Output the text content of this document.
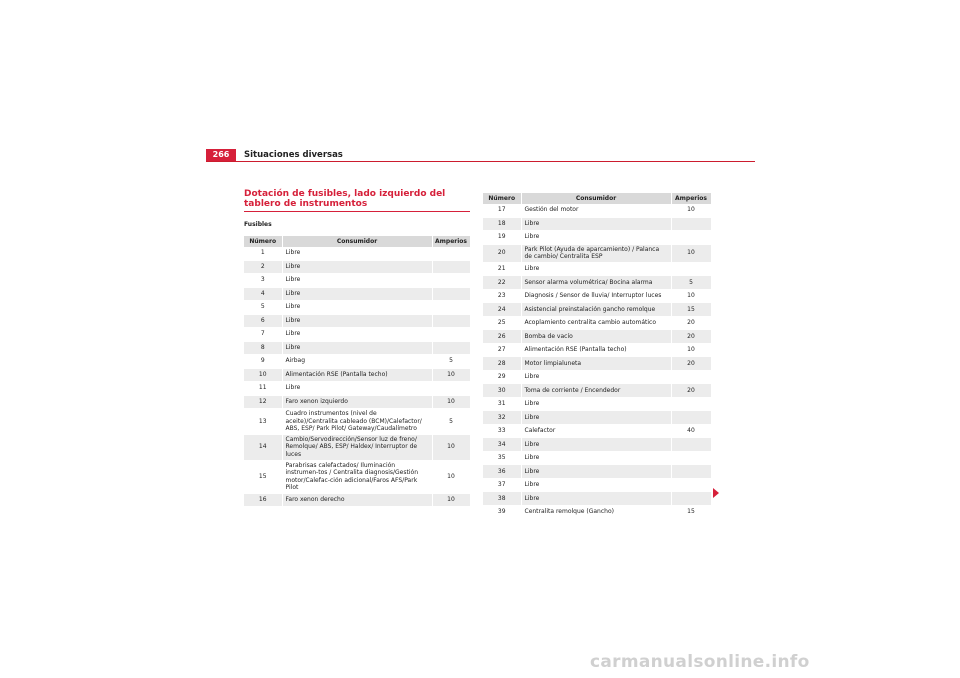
266	Situaciones diversas
Dotación de fusibles, lado izquierdo del tablero de instrumentos
Fusibles
Número	Consumidor	Amperios
1	Libre	
2	Libre	
3	Libre	
4	Libre	
5	Libre	
6	Libre	
7	Libre	
8	Libre	
9	Airbag	5
10	Alimentación RSE (Pantalla techo)	10
11	Libre	
12	Faro xenon izquierdo	10
13	Cuadro instrumentos (nivel de aceite)/Centralita cableado (BCM)/Calefactor/ ABS, ESP/ Park Pilot/ Gateway/Caudalímetro	5
14	Cambio/Servodirección/Sensor luz de freno/ Remolque/ ABS, ESP/ Haldex/ Interruptor de luces	10
15	Parabrisas calefactados/ Iluminación instrumen-tos / Centralita diagnosis/Gestión motor/Calefac-ción adicional/Faros AFS/Park Pilot	10
16	Faro xenon derecho	10
Número	Consumidor	Amperios
17	Gestión del motor	10
18	Libre	
19	Libre	
20	Park Pilot (Ayuda de aparcamiento) / Palanca de cambio/ Centralita ESP	10
21	Libre	
22	Sensor alarma volumétrica/ Bocina alarma	5
23	Diagnosis / Sensor de lluvia/ Interruptor luces	10
24	Asistencial preinstalación gancho remolque	15
25	Acoplamiento centralita cambio automático	20
26	Bomba de vacío	20
27	Alimentación RSE (Pantalla techo)	10
28	Motor limpialuneta	20
29	Libre	
30	Toma de corriente / Encendedor	20
31	Libre	
32	Libre	
33	Calefactor	40
34	Libre	
35	Libre	
36	Libre	
37	Libre	
38	Libre	
39	Centralita remolque (Gancho)	15
carmanualsonline.info
